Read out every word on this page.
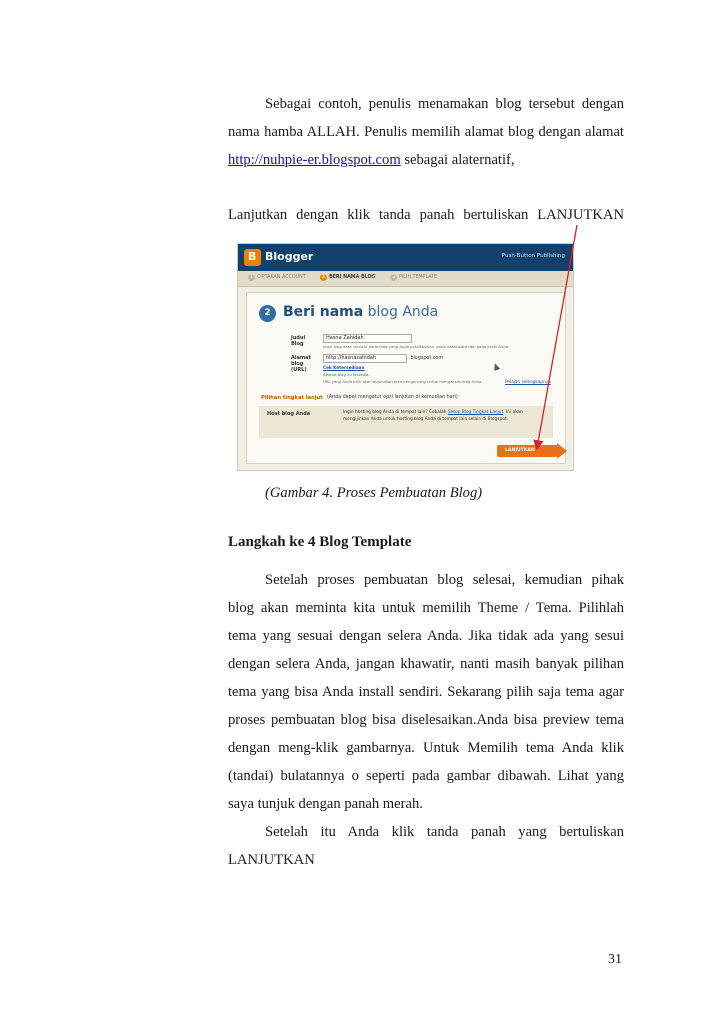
Sebagai contoh, penulis menamakan blog tersebut dengan
nama hamba ALLAH. Penulis memilih alamat blog dengan alamat
http://nuhpie-er.blogspot.com sebagai alaternatif,
Lanjutkan dengan klik tanda panah bertuliskan LANJUTKAN
B
Blogger	Push-Button Publishing
1 CIPTAKAN ACCOUNT	2 BERI NAMA BLOG	3 PILIH TEMPLATE
2 Beri nama blog Anda
Judul Blog
Hasna Zahidah
Judul blog akan muncul pada blog yang Anda publikasikan, pada dashboard dan pada profil Anda.
Alamat blog (URL)
http://hasnazahidah	.blogspot.com
Cek Ketersediaan
Alamat blog ini tersedia.
URL yang Anda pilih akan digunakan oleh pengunjung untuk mengakses blog Anda.	Pelajari selengkapnya
Pilihan tingkat lanjut (Anda dapat mengatur opsi lanjutan di kemudian hari)
Host blog Anda	Ingin hosting blog Anda di tempat lain? Cobalah Setup Blog Tingkat Lanjut. Ini akan mengijinkan Anda untuk hosting blog Anda di tempat lain selain di Blogspot.
LANJUTKAN
(Gambar 4. Proses Pembuatan Blog)
Langkah ke 4 Blog Template
Setelah proses pembuatan blog selesai, kemudian pihak
blog akan meminta kita untuk memilih Theme / Tema. Pilihlah
tema yang sesuai dengan selera Anda. Jika tidak ada yang sesui
dengan selera Anda, jangan khawatir, nanti masih banyak pilihan
tema yang bisa Anda install sendiri. Sekarang pilih saja tema agar
proses pembuatan blog bisa diselesaikan.Anda bisa preview tema
dengan meng-klik gambarnya. Untuk Memilih tema Anda klik
(tandai) bulatannya o seperti pada gambar dibawah. Lihat yang
saya tunjuk dengan panah merah.
Setelah itu Anda klik tanda panah yang bertuliskan
LANJUTKAN
31
